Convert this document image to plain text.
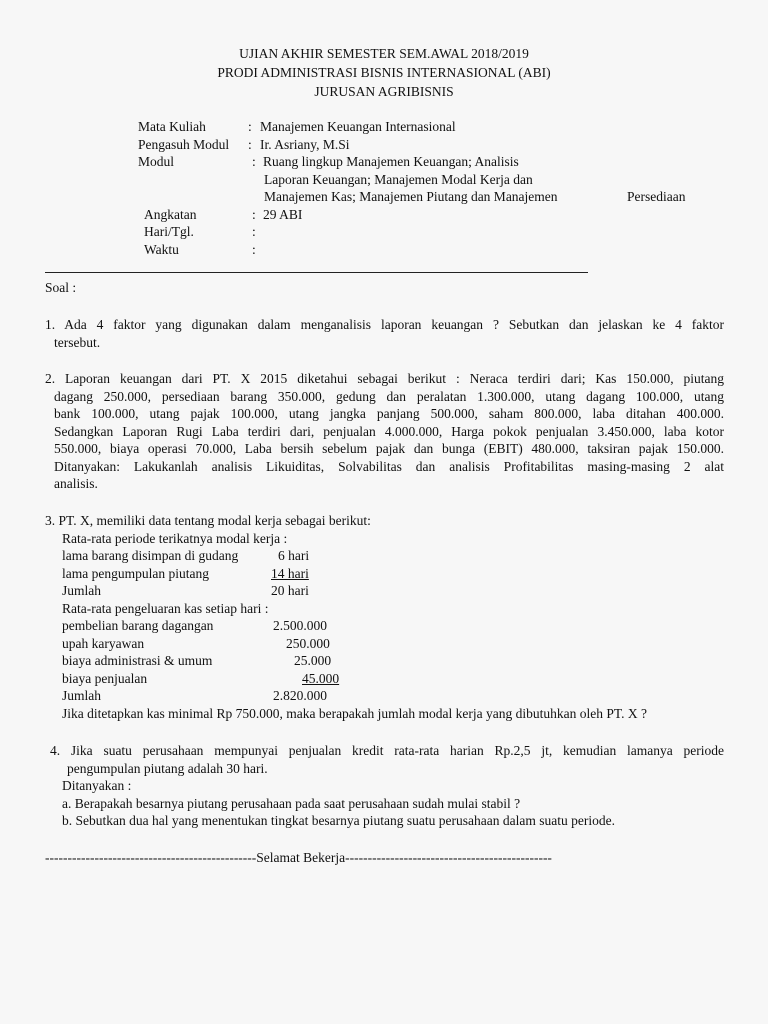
UJIAN AKHIR SEMESTER SEM.AWAL 2018/2019
PRODI ADMINISTRASI BISNIS INTERNASIONAL (ABI)
JURUSAN AGRIBISNIS
Mata Kuliah	: Manajemen Keuangan Internasional
Pengasuh Modul : Ir. Asriany, M.Si
Modul	: Ruang lingkup Manajemen Keuangan; Analisis
Laporan Keuangan; Manajemen Modal Kerja dan
Manajemen Kas; Manajemen Piutang dan Manajemen	Persediaan
Angkatan	: 29 ABI
Hari/Tgl.	:
Waktu	:
Soal :
1. Ada 4 faktor yang digunakan dalam menganalisis laporan keuangan ? Sebutkan dan jelaskan ke 4 faktor
tersebut.
2. Laporan keuangan dari PT. X 2015 diketahui sebagai berikut : Neraca terdiri dari; Kas 150.000, piutang
dagang 250.000, persediaan barang 350.000, gedung dan peralatan 1.300.000, utang dagang 100.000, utang
bank 100.000, utang pajak 100.000, utang jangka panjang 500.000, saham 800.000, laba ditahan 400.000.
Sedangkan Laporan Rugi Laba terdiri dari, penjualan 4.000.000, Harga pokok penjualan 3.450.000, laba kotor
550.000, biaya operasi 70.000, Laba bersih sebelum pajak dan bunga (EBIT) 480.000, taksiran pajak 150.000.
Ditanyakan: Lakukanlah analisis Likuiditas, Solvabilitas dan analisis Profitabilitas masing-masing 2 alat
analisis.
3. PT. X, memiliki data tentang modal kerja sebagai berikut:
Rata-rata periode terikatnya modal kerja :
lama barang disimpan di gudang	6 hari
lama pengumpulan piutang	14 hari
Jumlah	20 hari
Rata-rata pengeluaran kas setiap hari :
pembelian barang dagangan	2.500.000
upah karyawan	250.000
biaya administrasi & umum	25.000
biaya penjualan	45.000
Jumlah	2.820.000
Jika ditetapkan kas minimal Rp 750.000, maka berapakah jumlah modal kerja yang dibutuhkan oleh PT. X ?
4. Jika suatu perusahaan mempunyai penjualan kredit rata-rata harian Rp.2,5 jt, kemudian lamanya periode
pengumpulan piutang adalah 30 hari.
Ditanyakan :
a. Berapakah besarnya piutang perusahaan pada saat perusahaan sudah mulai stabil ?
b. Sebutkan dua hal yang menentukan tingkat besarnya piutang suatu perusahaan dalam suatu periode.
-----------------------------------------------Selamat Bekerja----------------------------------------------
